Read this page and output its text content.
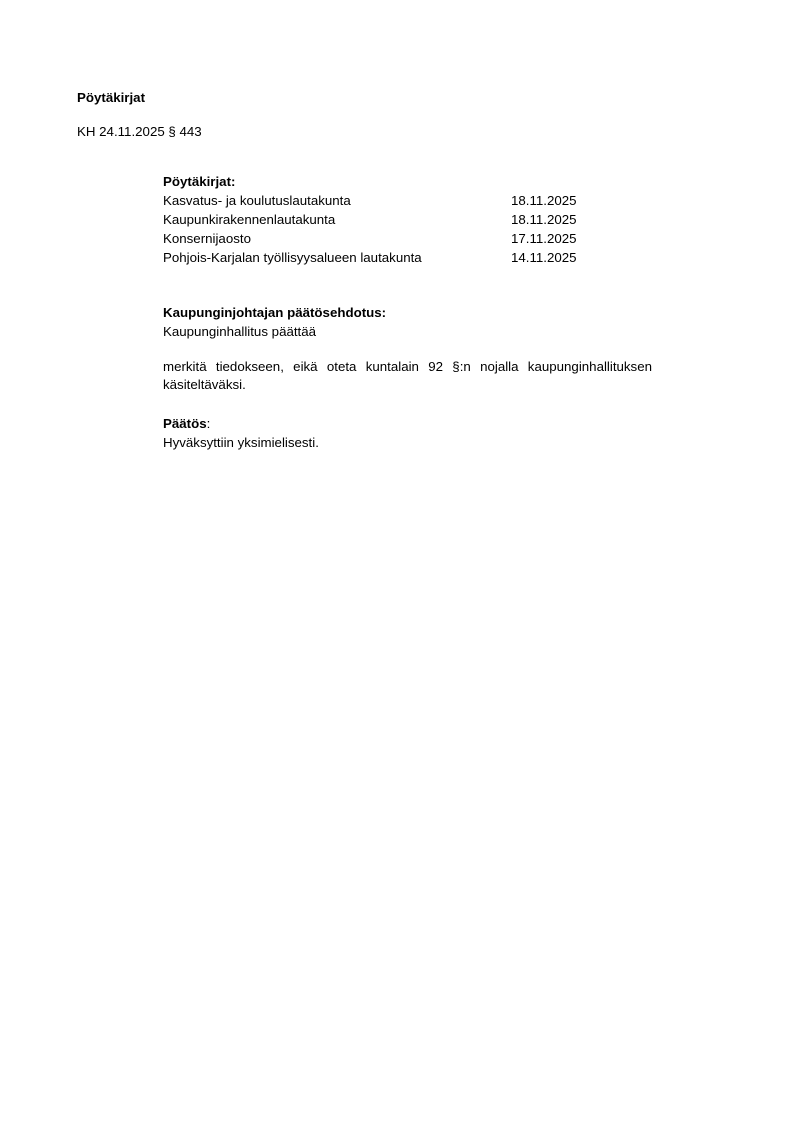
Pöytäkirjat
KH 24.11.2025 § 443
Pöytäkirjat:
Kasvatus- ja koulutuslautakunta	18.11.2025
Kaupunkirakennenlautakunta	18.11.2025
Konsernijaosto	17.11.2025
Pohjois-Karjalan työllisyysalueen lautakunta	14.11.2025
Kaupunginjohtajan päätösehdotus:
Kaupunginhallitus päättää
merkitä tiedokseen, eikä oteta kuntalain 92 §:n nojalla kaupunginhallituksen käsiteltäväksi.
Päätös:
Hyväksyttiin yksimielisesti.
